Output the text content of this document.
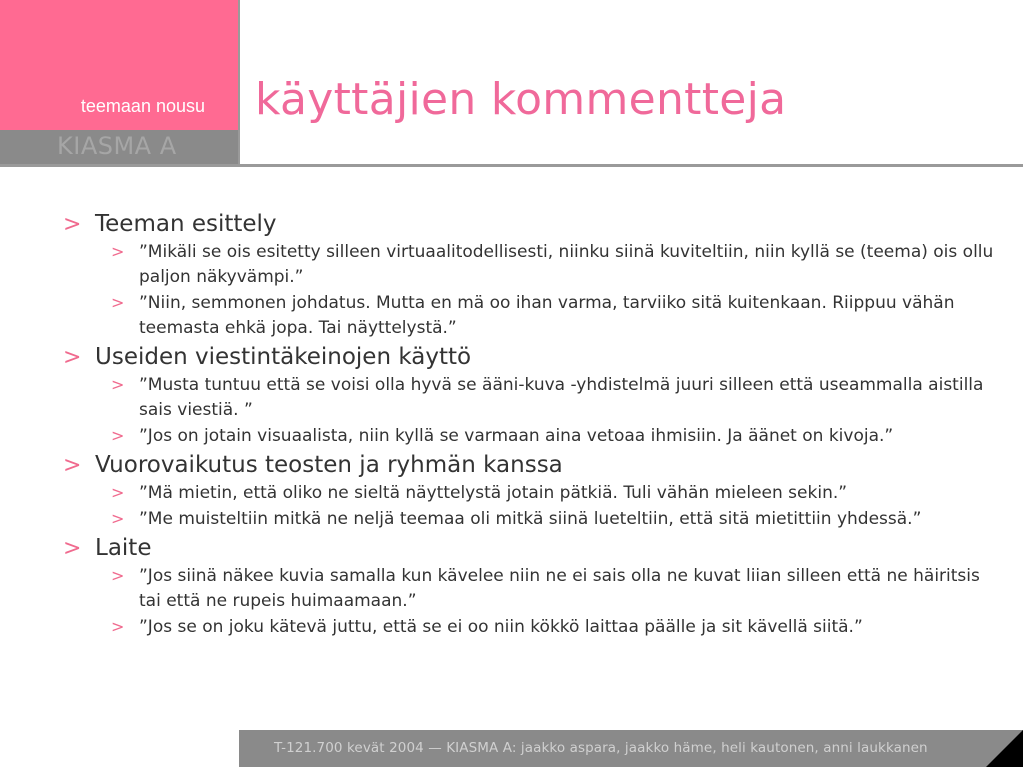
teemaan nousu
KIASMA A
käyttäjien kommentteja
> Teeman esittely
> ”Mikäli se ois esitetty silleen virtuaalitodellisesti, niinku siinä kuviteltiin, niin kyllä se (teema) ois ollu paljon näkyvämpi.”
> ”Niin, semmonen johdatus. Mutta en mä oo ihan varma, tarviiko sitä kuitenkaan. Riippuu vähän teemasta ehkä jopa. Tai näyttelystä.”
> Useiden viestintäkeinojen käyttö
> ”Musta tuntuu että se voisi olla hyvä se ääni-kuva -yhdistelmä juuri silleen että useammalla aistilla sais viestiä. ”
> ”Jos on jotain visuaalista, niin kyllä se varmaan aina vetoaa ihmisiin. Ja äänet on kivoja.”
> Vuorovaikutus teosten ja ryhmän kanssa
> ”Mä mietin, että oliko ne sieltä näyttelystä jotain pätkiä. Tuli vähän mieleen sekin.”
> ”Me muisteltiin mitkä ne neljä teemaa oli mitkä siinä lueteltiin, että sitä mietittiin yhdessä.”
> Laite
> ”Jos siinä näkee kuvia samalla kun kävelee niin ne ei sais olla ne kuvat liian silleen että ne häiritsis tai että ne rupeis huimaamaan.”
> ”Jos se on joku kätevä juttu, että se ei oo niin kökkö laittaa päälle ja sit kävellä siitä.”
T-121.700 kevät 2004 — KIASMA A: jaakko aspara, jaakko häme, heli kautonen, anni laukkanen
